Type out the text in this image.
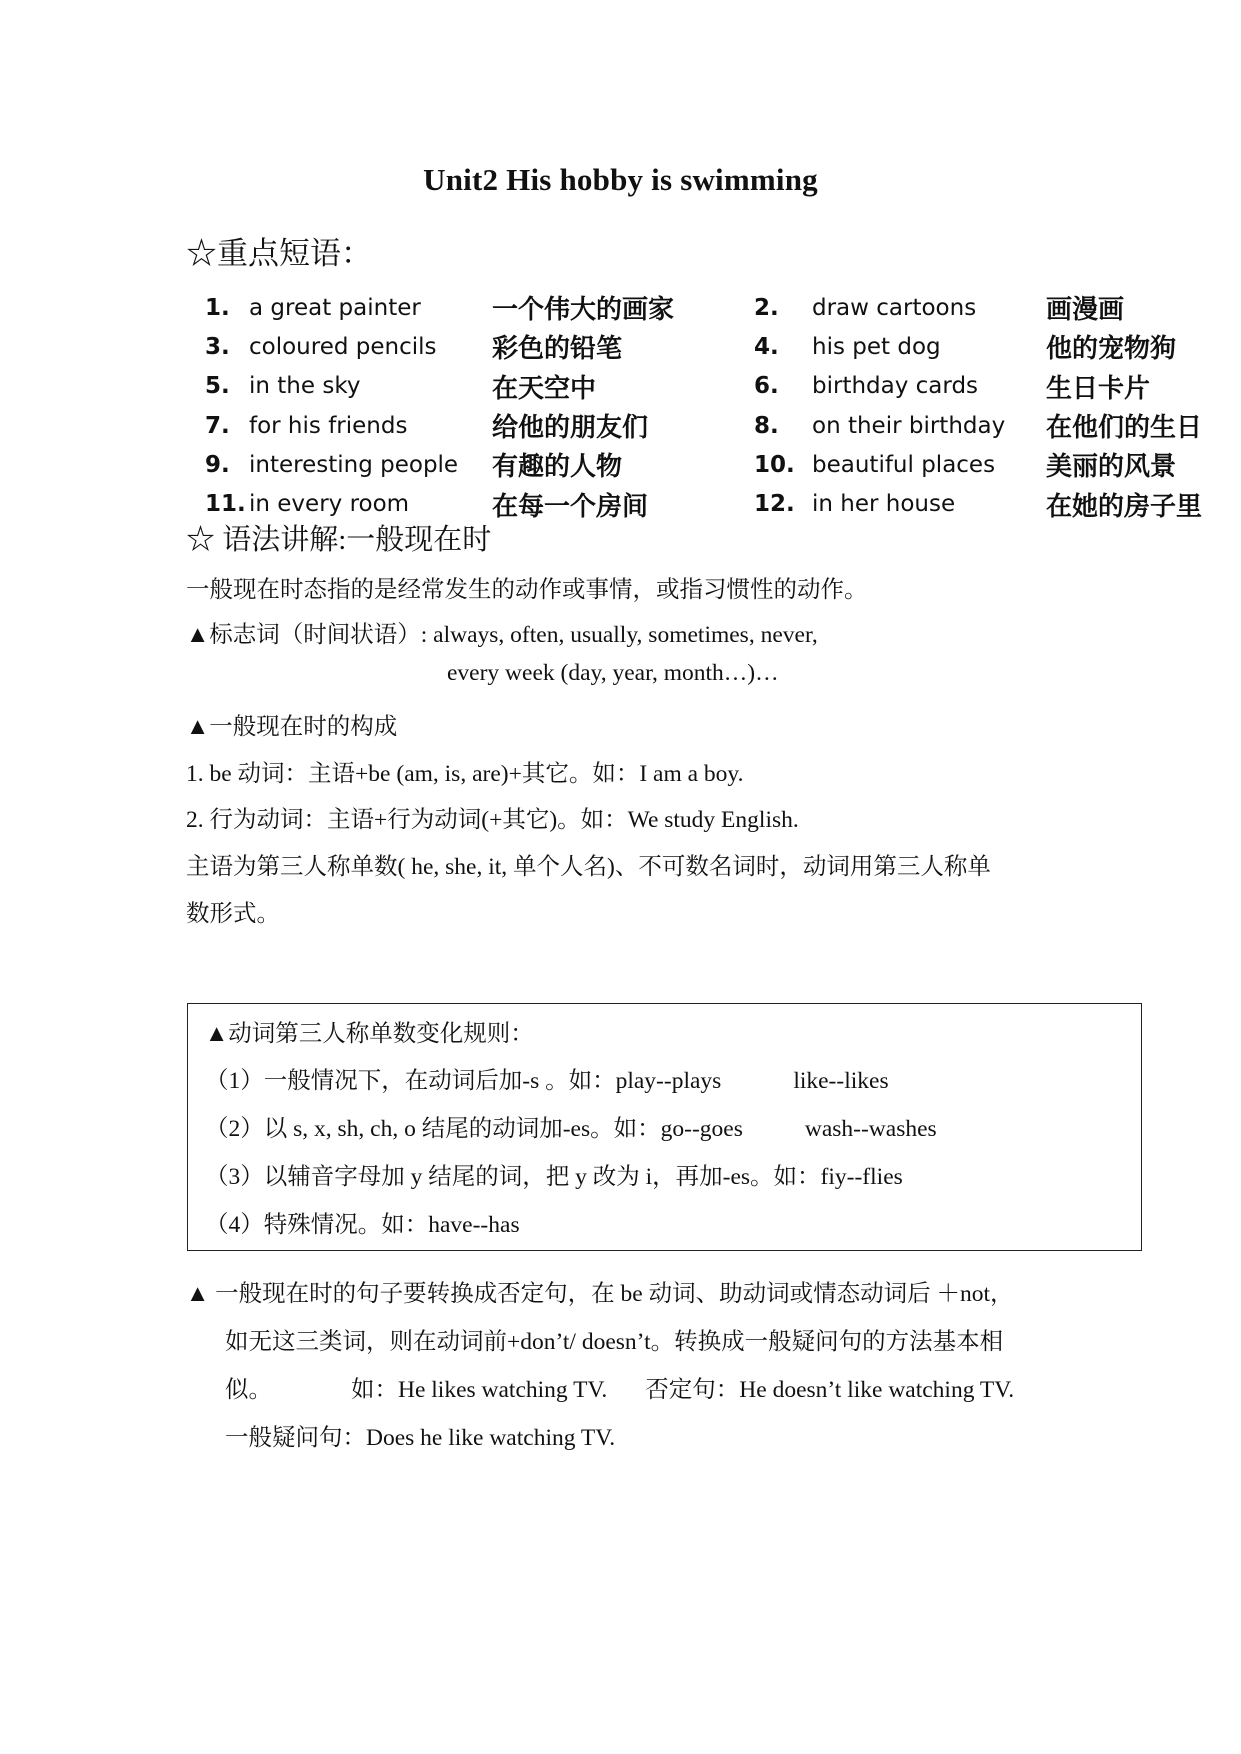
Unit2 His hobby is swimming
☆重点短语：
1. a great painter	一个伟大的画家	2.	draw cartoons	画漫画
3. coloured pencils	彩色的铅笔	4.	his pet dog	他的宠物狗
5. in the sky	在天空中	6.	birthday cards	生日卡片
7. for his friends	给他的朋友们	8.	on their birthday	在他们的生日
9. interesting people	有趣的人物	10. beautiful places	美丽的风景
11. in every room	在每一个房间	12. in her house	在她的房子里
☆ 语法讲解:一般现在时
一般现在时态指的是经常发生的动作或事情，或指习惯性的动作。
▲标志词（时间状语）: always, often, usually, sometimes, never,
every week (day, year, month…)…
▲一般现在时的构成
1. be 动词：主语+be (am, is, are)+其它。如：I am a boy.
2. 行为动词：主语+行为动词(+其它)。如：We study English.
主语为第三人称单数( he, she, it, 单个人名)、不可数名词时，动词用第三人称单
数形式。
▲动词第三人称单数变化规则：
（1）一般情况下，在动词后加-s 。如：play--plays	like--likes
（2）以 s, x, sh, ch, o 结尾的动词加-es。如：go--goes	wash--washes
（3）以辅音字母加 y 结尾的词，把 y 改为 i，再加-es。如：fiy--flies
（4）特殊情况。如：have--has
▲ 一般现在时的句子要转换成否定句，在 be 动词、助动词或情态动词后 ＋not，
如无这三类词，则在动词前+don’t/ doesn’t。转换成一般疑问句的方法基本相
似。	如：He likes watching TV. 否定句：He doesn’t like watching TV.
一般疑问句：Does he like watching TV.
